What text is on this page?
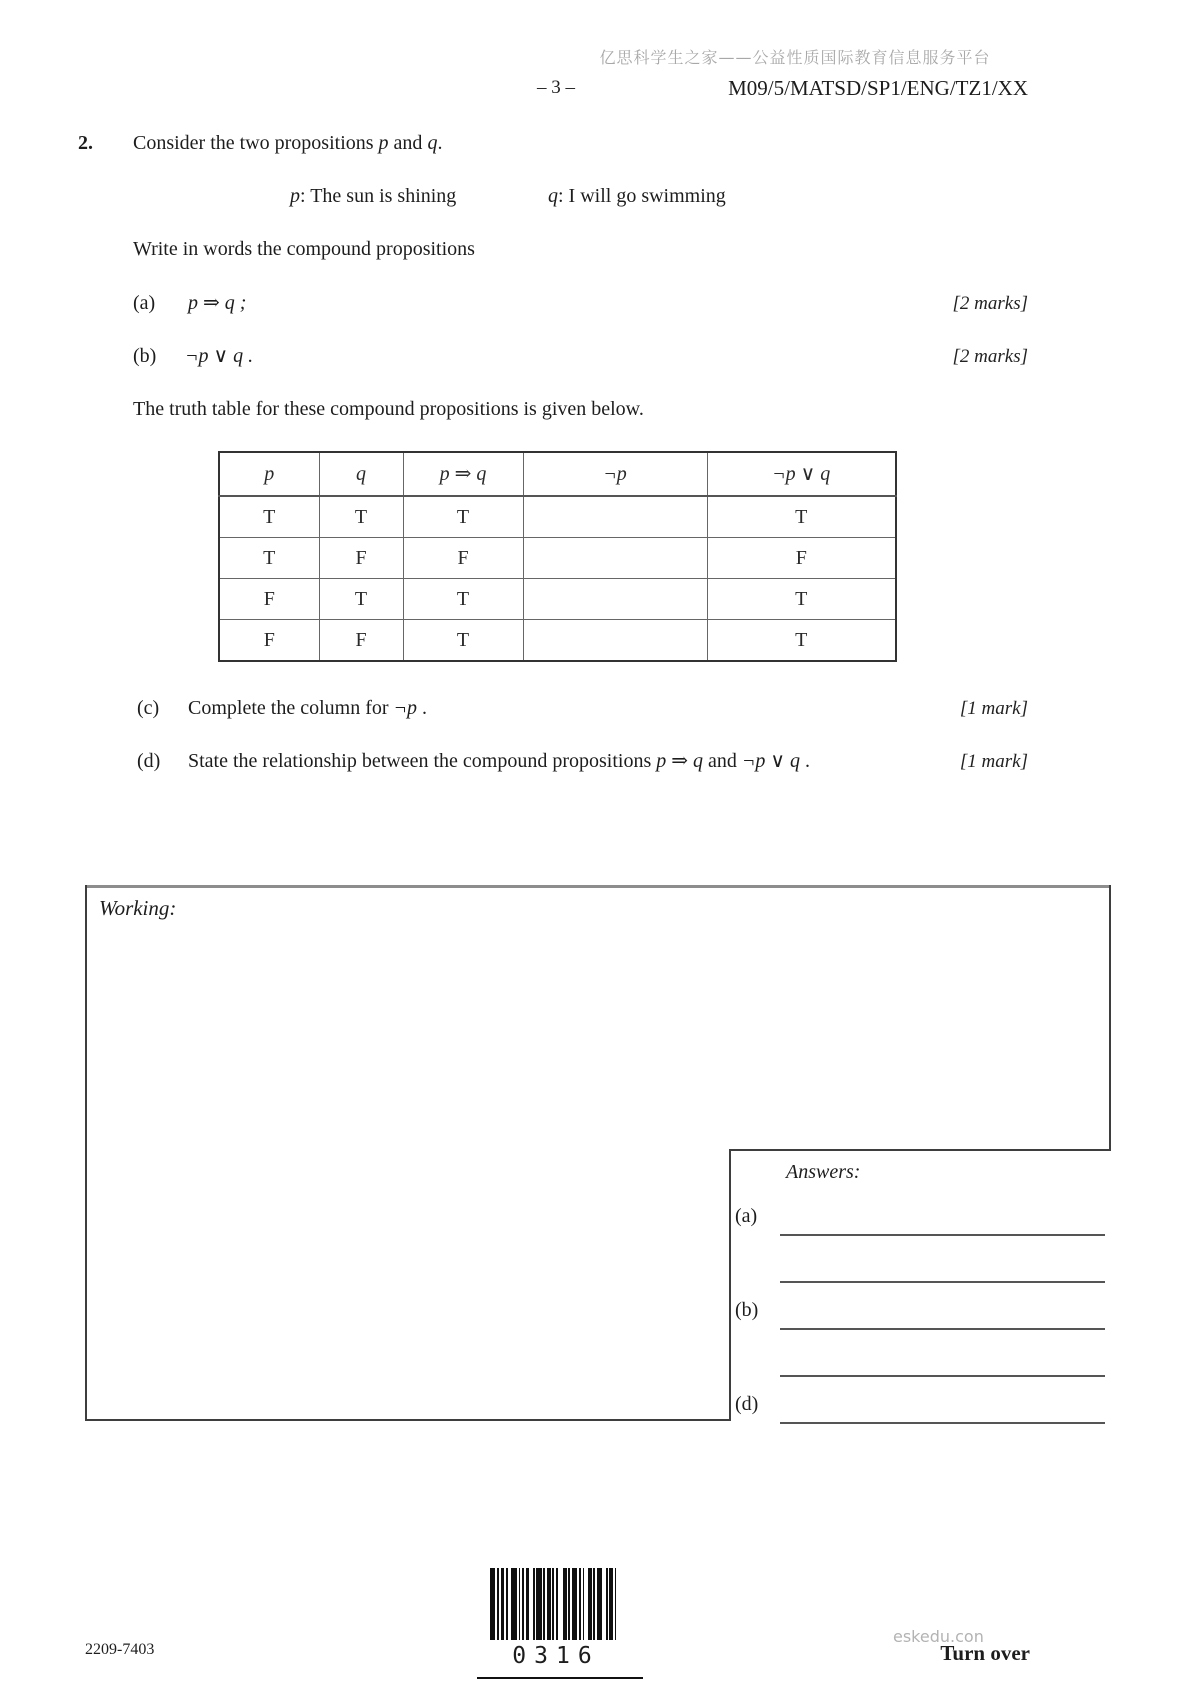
亿思科学生之家——公益性质国际教育信息服务平台
– 3 –	M09/5/MATSD/SP1/ENG/TZ1/XX
2. Consider the two propositions p and q.
p: The sun is shining	q: I will go swimming
Write in words the compound propositions
(a) p ⇒ q ;	[2 marks]
(b) ¬p ∨ q .	[2 marks]
The truth table for these compound propositions is given below.
p	q	p ⇒ q	¬p	¬p ∨ q
T	T	T		T
T	F	F		F
F	T	T		T
F	F	T		T
(c) Complete the column for ¬p .	[1 mark]
(d) State the relationship between the compound propositions p ⇒ q and ¬p ∨ q .	[1 mark]
Working:
Answers:
(a)
(b)
(d)
2209-7403	0316
eskedu.con
Turn over
